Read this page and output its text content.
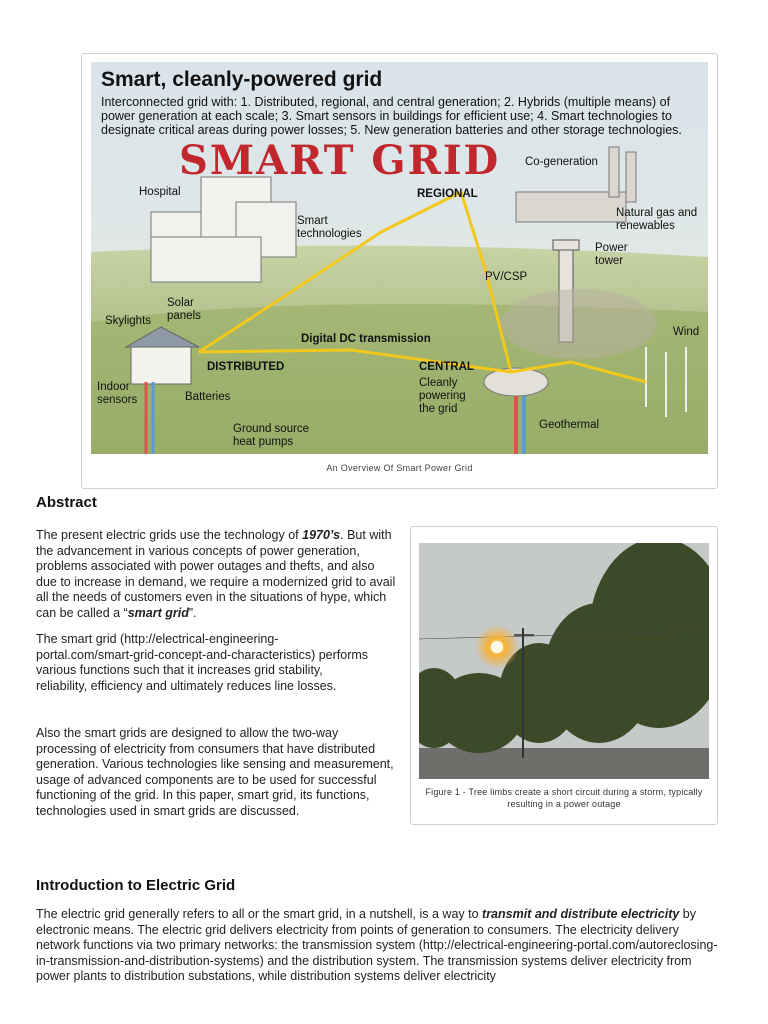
Smart, cleanly-powered grid
Interconnected grid with: 1. Distributed, regional, and central generation; 2. Hybrids (multiple means) of power generation at each scale; 3. Smart sensors in buildings for efficient use; 4. Smart technologies to designate critical areas during power losses; 5. New generation batteries and other storage technologies.
SMART GRID Co-generation
Hospital	REGIONAL
Smart technologies
Natural gas and renewables
Power tower
PV/CSP
Skylights
Solar panels
Digital DC transmission
Wind
DISTRIBUTED	CENTRAL
Cleanly powering the grid
Indoor sensors	Batteries
Geothermal
Ground source heat pumps
An Overview Of Smart Power Grid
Abstract

The present electric grids use the technology of 1970’s. But with the advancement in various concepts of power generation, problems associated with power outages and thefts, and also due to increase in demand, we require a modernized grid to avail all the needs of customers even in the situations of hype, which can be called a “smart grid”.

The smart grid (http://electrical-engineering-portal.com/smart-grid-concept-and-characteristics) performs various functions such that it increases grid stability, reliability, efficiency and ultimately reduces line losses.

Also the smart grids are designed to allow the two-way processing of electricity from consumers that have distributed generation. Various technologies like sensing and measurement, usage of advanced components are to be used for successful functioning of the grid. In this paper, smart grid, its functions, technologies used in smart grids are discussed.

Figure 1 - Tree limbs create a short circuit during a storm, typically resulting in a power outage
Introduction to Electric Grid

The electric grid generally refers to all or the smart grid, in a nutshell, is a way to transmit and distribute electricity by electronic means. The electric grid delivers electricity from points of generation to consumers. The electricity delivery network functions via two primary networks: the transmission system (http://electrical-engineering-portal.com/autoreclosing-in-transmission-and-distribution-systems) and the distribution system. The transmission systems deliver electricity from power plants to distribution substations, while distribution systems deliver electricity
